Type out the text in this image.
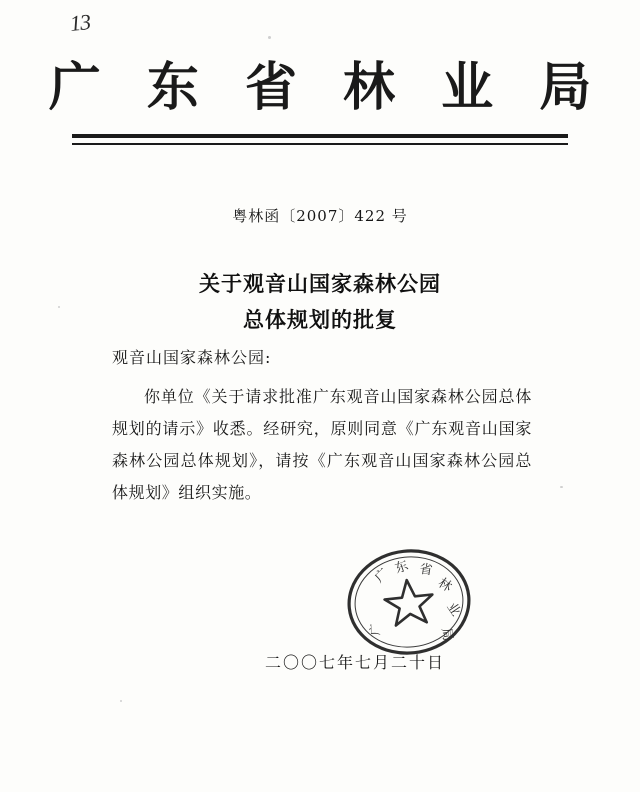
13
广 东 省 林 业 局
粤林函〔2007〕422 号
关于观音山国家森林公园
总体规划的批复
观音山国家森林公园:
你单位《关于请求批准广东观音山国家森林公园总体规划的请示》收悉。经研究，原则同意《广东观音山国家森林公园总体规划》，请按《广东观音山国家森林公园总体规划》组织实施。
广 东 省
林
业
局
广
二〇〇七年七月二十日
